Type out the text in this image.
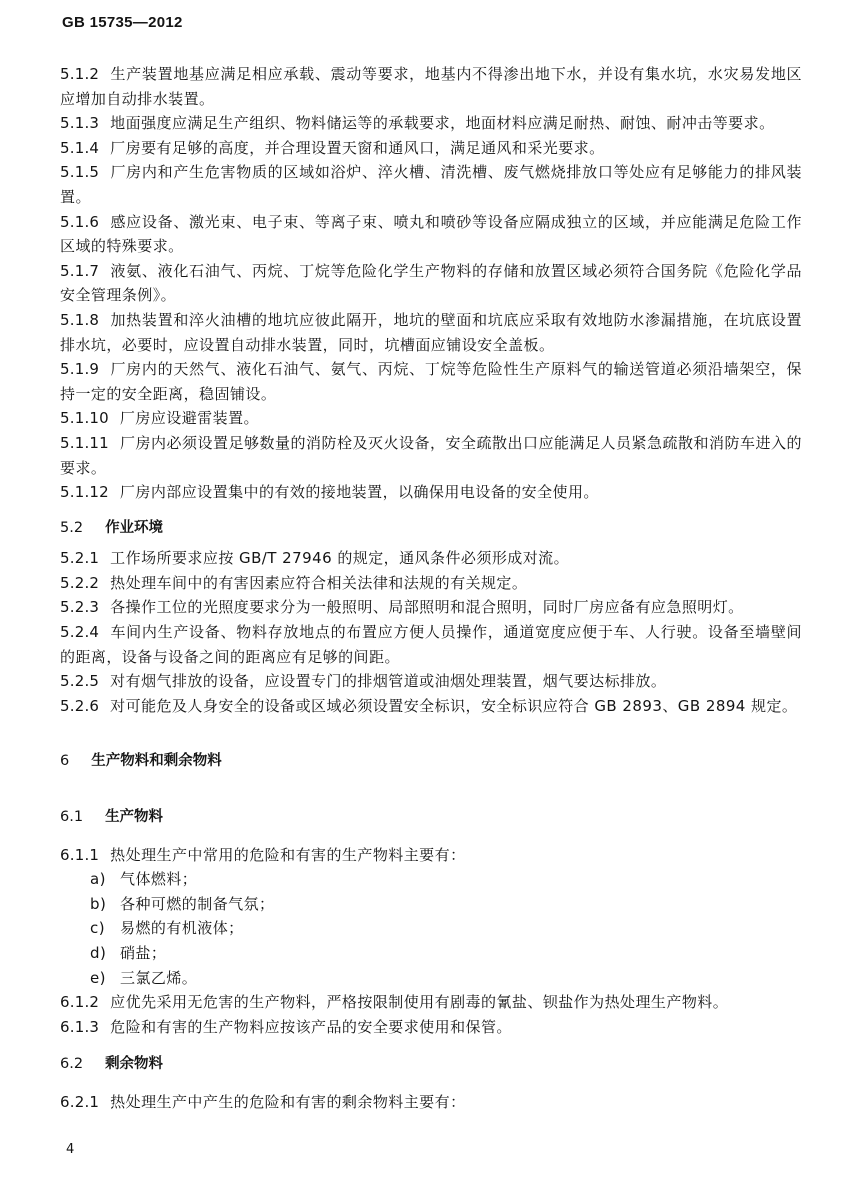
GB 15735—2012

5.1.2 生产装置地基应满足相应承载、震动等要求，地基内不得渗出地下水，并设有集水坑，水灾易发地区应增加自动排水装置。

5.1.3 地面强度应满足生产组织、物料储运等的承载要求，地面材料应满足耐热、耐蚀、耐冲击等要求。

5.1.4 厂房要有足够的高度，并合理设置天窗和通风口，满足通风和采光要求。

5.1.5 厂房内和产生危害物质的区域如浴炉、淬火槽、清洗槽、废气燃烧排放口等处应有足够能力的排风装置。

5.1.6 感应设备、激光束、电子束、等离子束、喷丸和喷砂等设备应隔成独立的区域，并应能满足危险工作区域的特殊要求。

5.1.7 液氨、液化石油气、丙烷、丁烷等危险化学生产物料的存储和放置区域必须符合国务院《危险化学品安全管理条例》。

5.1.8 加热装置和淬火油槽的地坑应彼此隔开，地坑的壁面和坑底应采取有效地防水渗漏措施，在坑底设置排水坑，必要时，应设置自动排水装置，同时，坑槽面应铺设安全盖板。

5.1.9 厂房内的天然气、液化石油气、氨气、丙烷、丁烷等危险性生产原料气的输送管道必须沿墙架空，保持一定的安全距离，稳固铺设。

5.1.10 厂房应设避雷装置。

5.1.11 厂房内必须设置足够数量的消防栓及灭火设备，安全疏散出口应能满足人员紧急疏散和消防车进入的要求。

5.1.12 厂房内部应设置集中的有效的接地装置，以确保用电设备的安全使用。

5.2 作业环境

5.2.1 工作场所要求应按 GB/T 27946 的规定，通风条件必须形成对流。

5.2.2 热处理车间中的有害因素应符合相关法律和法规的有关规定。

5.2.3 各操作工位的光照度要求分为一般照明、局部照明和混合照明，同时厂房应备有应急照明灯。

5.2.4 车间内生产设备、物料存放地点的布置应方便人员操作，通道宽度应便于车、人行驶。设备至墙壁间的距离，设备与设备之间的距离应有足够的间距。

5.2.5 对有烟气排放的设备，应设置专门的排烟管道或油烟处理装置，烟气要达标排放。

5.2.6 对可能危及人身安全的设备或区域必须设置安全标识，安全标识应符合 GB 2893、GB 2894 规定。

6 生产物料和剩余物料

6.1 生产物料

6.1.1 热处理生产中常用的危险和有害的生产物料主要有：

a) 气体燃料；
b) 各种可燃的制备气氛；
c) 易燃的有机液体；
d) 硝盐；
e) 三氯乙烯。

6.1.2 应优先采用无危害的生产物料，严格按限制使用有剧毒的氰盐、钡盐作为热处理生产物料。

6.1.3 危险和有害的生产物料应按该产品的安全要求使用和保管。

6.2 剩余物料

6.2.1 热处理生产中产生的危险和有害的剩余物料主要有：

4
